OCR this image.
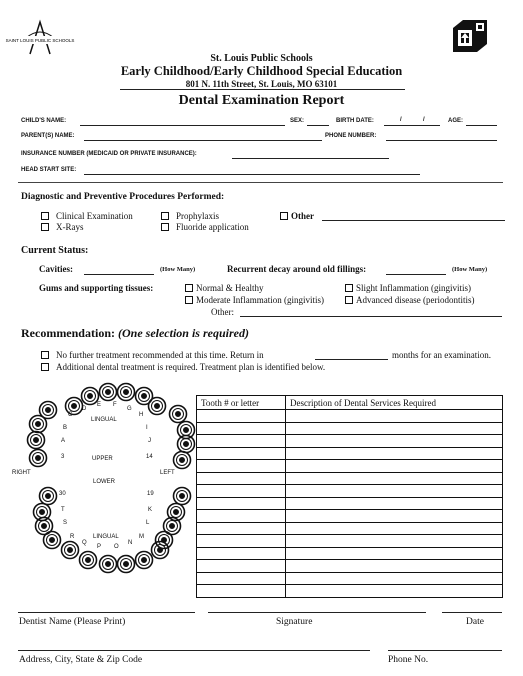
SAINT LOUIS PUBLIC SCHOOLS
St. Louis Public Schools
Early Childhood/Early Childhood Special Education
801 N. 11th Street, St. Louis, MO 63101
Dental Examination Report
CHILD'S NAME:	SEX:	BIRTH DATE:	/	/	AGE:
PARENT(S) NAME:	PHONE NUMBER:
INSURANCE NUMBER (MEDICAID OR PRIVATE INSURANCE):
HEAD START SITE:
Diagnostic and Preventive Procedures Performed:
Clinical Examination
X-Rays
Prophylaxis
Fluoride application
Other
Current Status:
Cavities:	(How Many)	Recurrent decay around old fillings:	(How Many)
Gums and supporting tissues:	Normal & Healthy
Moderate Inflammation (gingivitis)
Other:
Slight Inflammation (gingivitis)
Advanced disease (periodontitis)
Recommendation: (One selection is required)
No further treatment recommended at this time. Return in	months for an examination.
Additional dental treatment is required. Treatment plan is identified below.
LINGUAL
UPPER
LOWER
LINGUAL
RIGHT	LEFT
D
E F
G
C	H
B	I
A	J
3	14
30	19
T	K
S	L
R	M
Q
P O
N
Tooth # or letter	Description of Dental Services Required

Dentist Name (Please Print)	Signature	Date
Address, City, State & Zip Code	Phone No.
